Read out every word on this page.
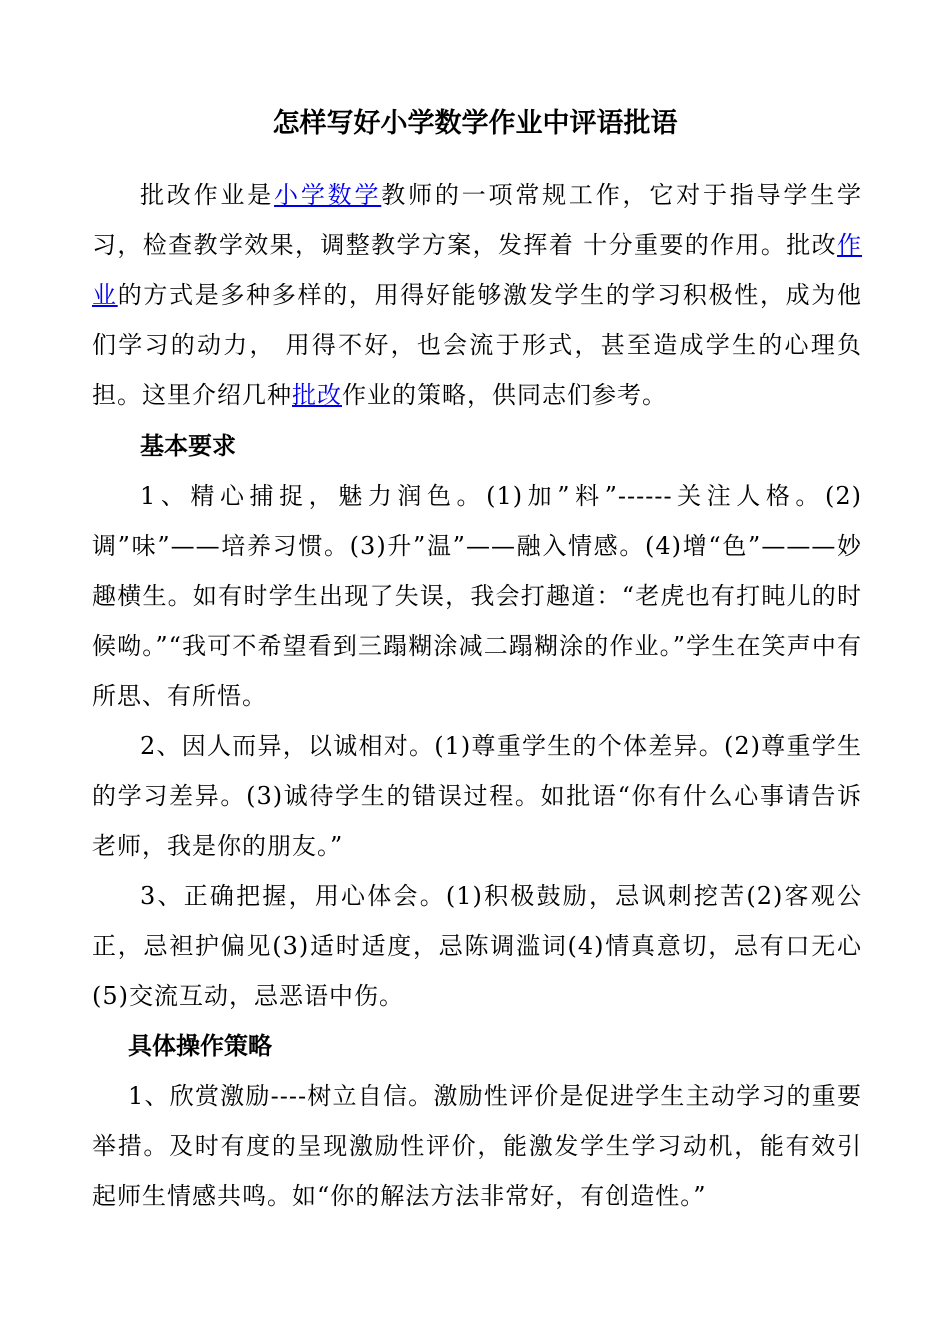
怎样写好小学数学作业中评语批语

批改作业是小学数学教师的一项常规工作，它对于指导学生学习，检查教学效果，调整教学方案，发挥着 十分重要的作用。批改作业的方式是多种多样的，用得好能够激发学生的学习积极性，成为他们学习的动力， 用得不好，也会流于形式，甚至造成学生的心理负担。这里介绍几种批改作业的策略，供同志们参考。

基本要求

1、精心捕捉，魅力润色。(1)加”料”------关注人格。(2)调”味”——培养习惯。(3)升”温”——融入情感。(4)增“色”———妙趣横生。如有时学生出现了失误，我会打趣道：“老虎也有打盹儿的时候呦。”“我可不希望看到三蹋糊涂减二蹋糊涂的作业。”学生在笑声中有所思、有所悟。

2、因人而异，以诚相对。(1)尊重学生的个体差异。(2)尊重学生的学习差异。(3)诚待学生的错误过程。如批语“你有什么心事请告诉老师，我是你的朋友。”

3、正确把握，用心体会。(1)积极鼓励，忌讽刺挖苦(2)客观公正，忌袒护偏见(3)适时适度，忌陈调滥词(4)情真意切，忌有口无心(5)交流互动，忌恶语中伤。

具体操作策略

1、欣赏激励----树立自信。激励性评价是促进学生主动学习的重要举措。及时有度的呈现激励性评价，能激发学生学习动机，能有效引起师生情感共鸣。如“你的解法方法非常好，有创造性。”
